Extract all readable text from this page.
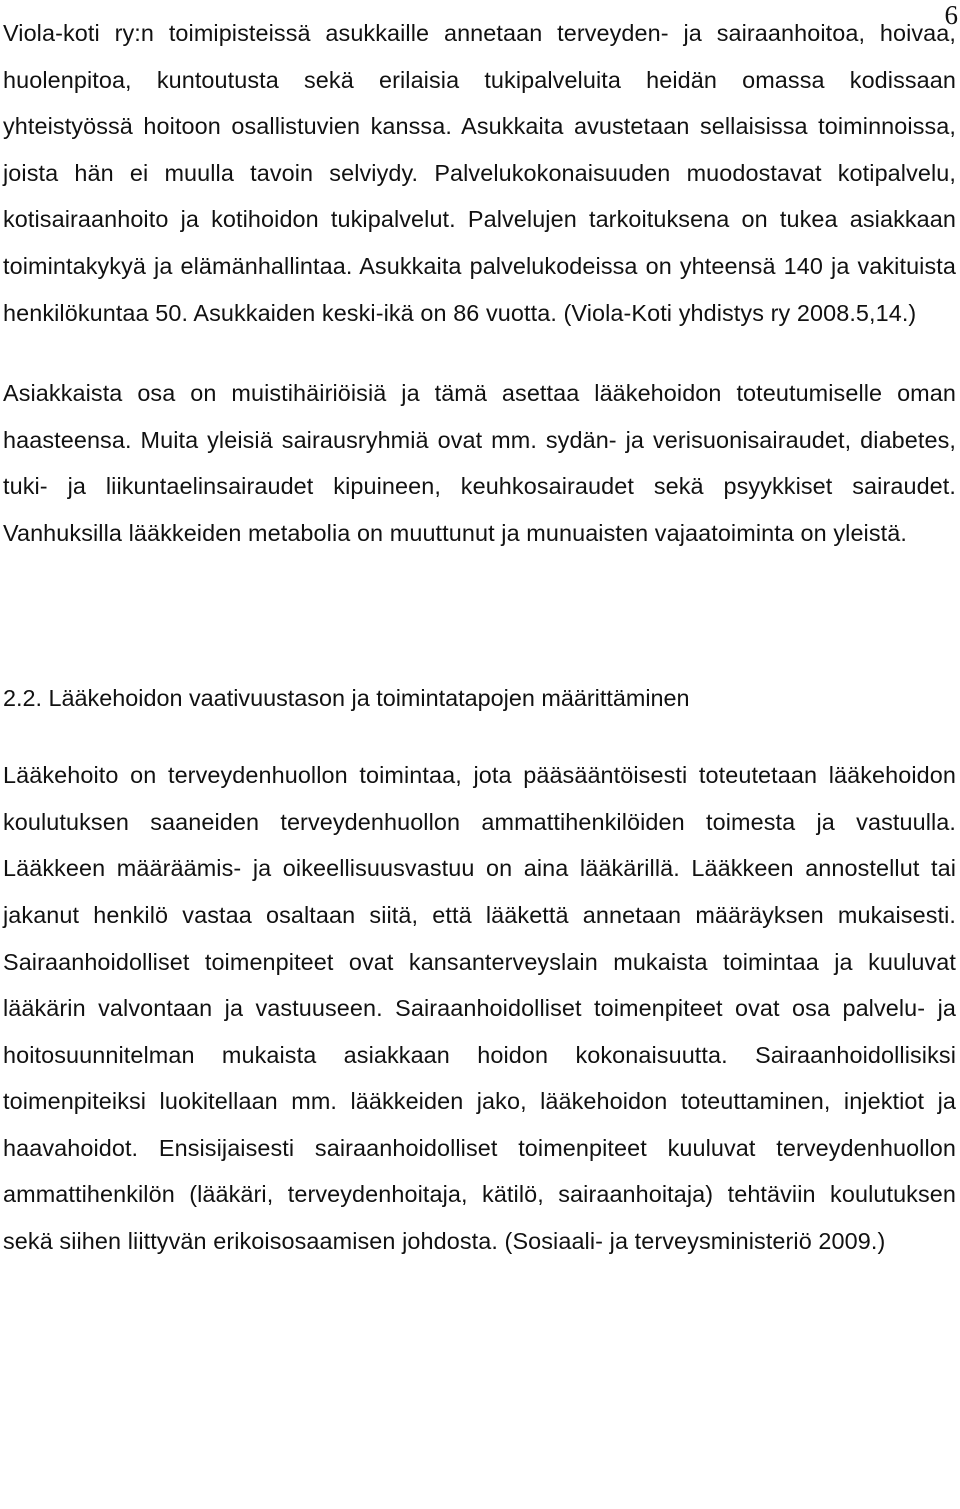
6

Viola-koti ry:n toimipisteissä asukkaille annetaan terveyden- ja sairaanhoitoa, hoivaa, huolenpitoa, kuntoutusta sekä erilaisia tukipalveluita heidän omassa kodissaan yhteistyössä hoitoon osallistuvien kanssa. Asukkaita avustetaan sellaisissa toiminnoissa, joista hän ei muulla tavoin selviydy. Palvelukokonaisuuden muodostavat kotipalvelu, kotisairaanhoito ja kotihoidon tukipalvelut. Palvelujen tarkoituksena on tukea asiakkaan toimintakykyä ja elämänhallintaa. Asukkaita palvelukodeissa on yhteensä 140 ja vakituista henkilökuntaa 50. Asukkaiden keski-ikä on 86 vuotta. (Viola-Koti yhdistys ry 2008.5,14.)

Asiakkaista osa on muistihäiriöisiä ja tämä asettaa lääkehoidon toteutumiselle oman haasteensa. Muita yleisiä sairausryhmiä ovat mm. sydän- ja verisuonisairaudet, diabetes, tuki- ja liikuntaelinsairaudet kipuineen, keuhkosairaudet sekä psyykkiset sairaudet. Vanhuksilla lääkkeiden metabolia on muuttunut ja munuaisten vajaatoiminta on yleistä.

2.2. Lääkehoidon vaativuustason ja toimintatapojen määrittäminen

Lääkehoito on terveydenhuollon toimintaa, jota pääsääntöisesti toteutetaan lääkehoidon koulutuksen saaneiden terveydenhuollon ammattihenkilöiden toimesta ja vastuulla. Lääkkeen määräämis- ja oikeellisuusvastuu on aina lääkärillä. Lääkkeen annostellut tai jakanut henkilö vastaa osaltaan siitä, että lääkettä annetaan määräyksen mukaisesti. Sairaanhoidolliset toimenpiteet ovat kansanterveyslain mukaista toimintaa ja kuuluvat lääkärin valvontaan ja vastuuseen. Sairaanhoidolliset toimenpiteet ovat osa palvelu- ja hoitosuunnitelman mukaista asiakkaan hoidon kokonaisuutta. Sairaanhoidollisiksi toimenpiteiksi luokitellaan mm. lääkkeiden jako, lääkehoidon toteuttaminen, injektiot ja haavahoidot. Ensisijaisesti sairaanhoidolliset toimenpiteet kuuluvat terveydenhuollon ammattihenkilön (lääkäri, terveydenhoitaja, kätilö, sairaanhoitaja) tehtäviin koulutuksen sekä siihen liittyvän erikoisosaamisen johdosta. (Sosiaali- ja terveysministeriö 2009.)
